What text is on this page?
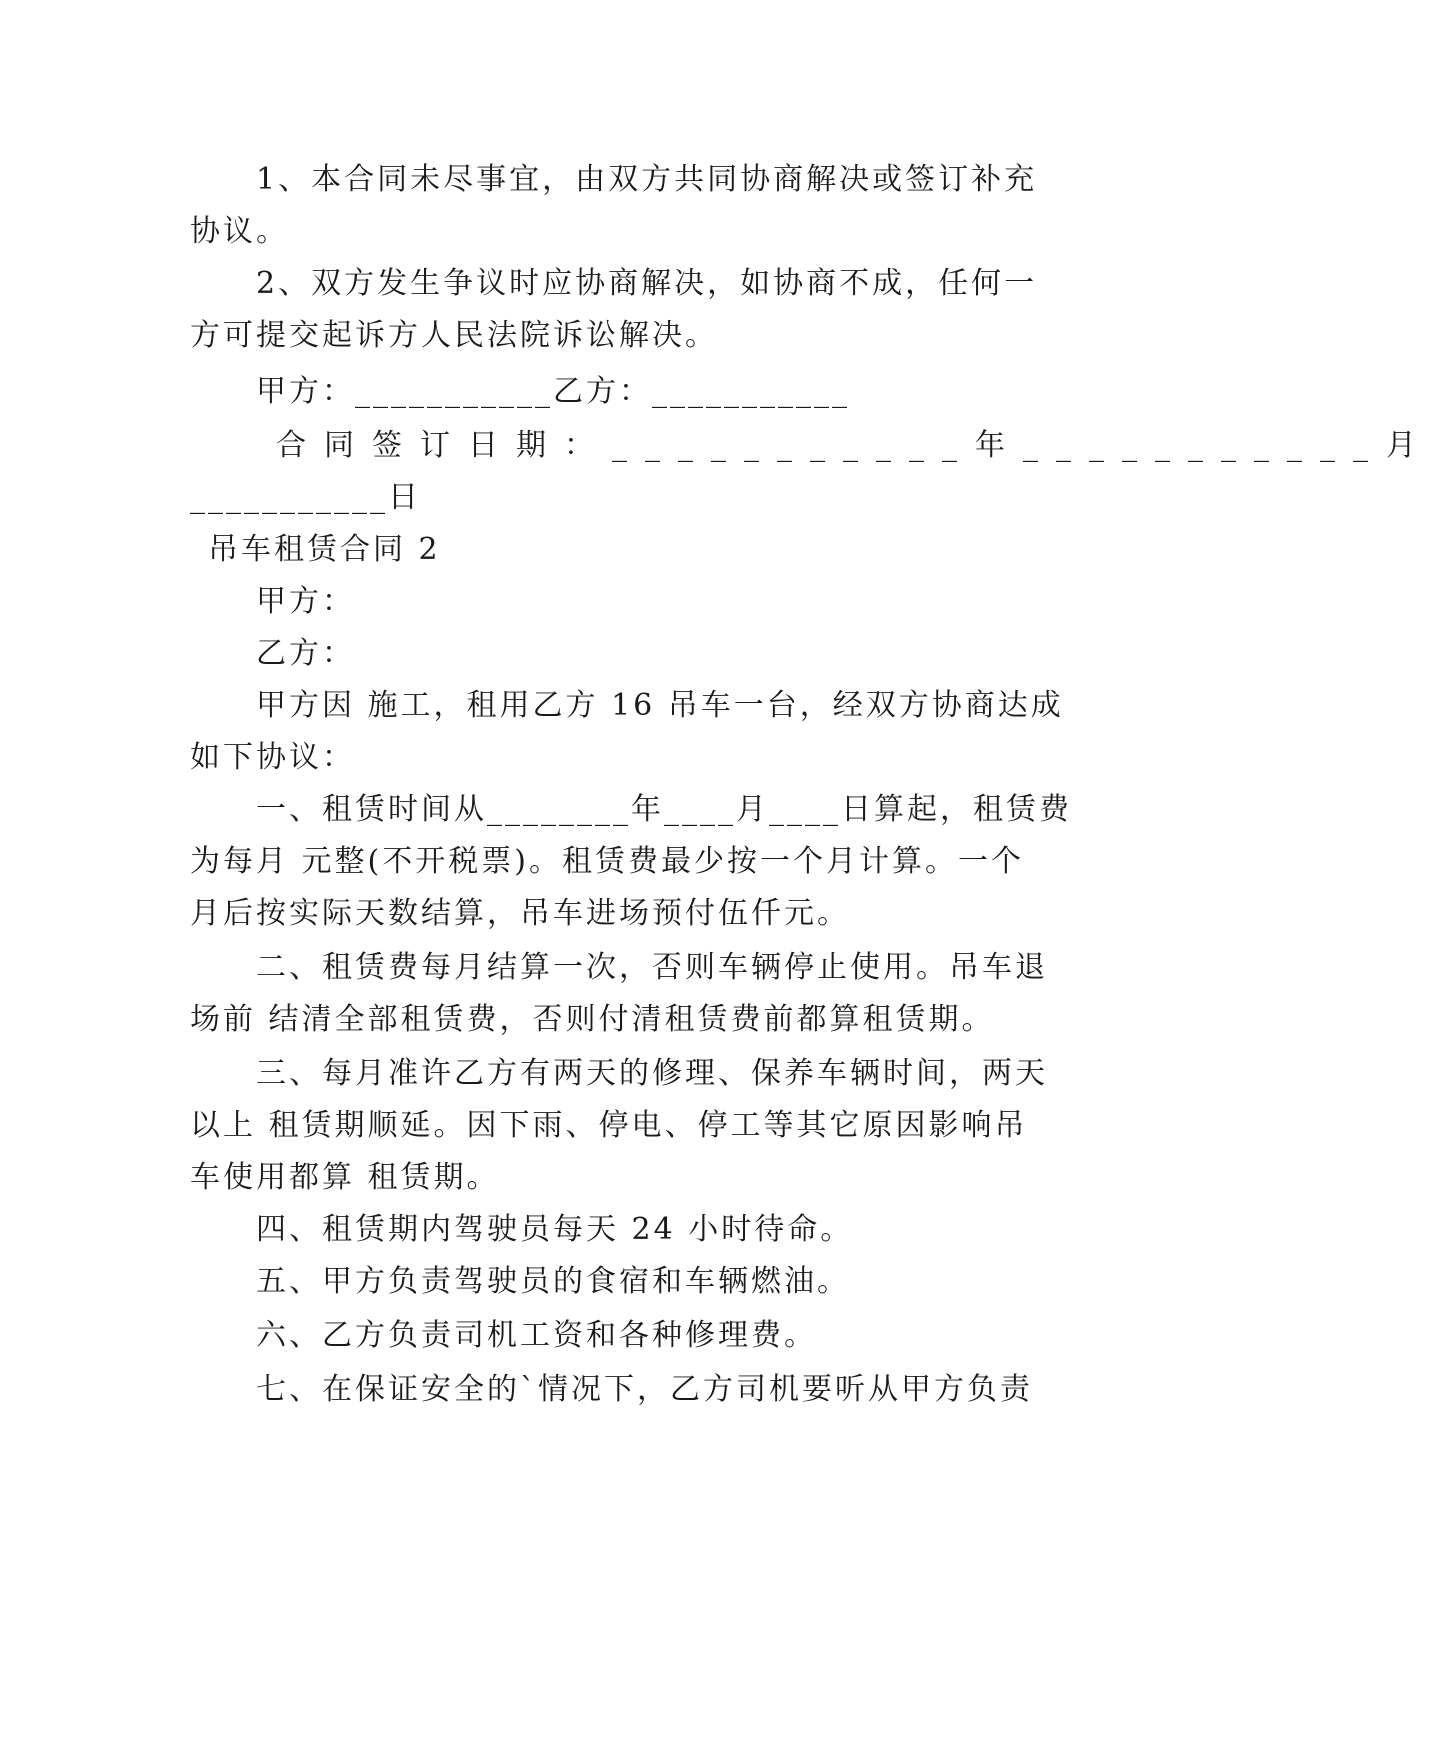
1、本合同未尽事宜，由双方共同协商解决或签订补充
协议。
2、双方发生争议时应协商解决，如协商不成，任何一
方可提交起诉方人民法院诉讼解决。
甲方：___________乙方：___________
合同签订日期：___________年___________月
___________日
吊车租赁合同 2
甲方：
乙方：
甲方因 施工，租用乙方 16 吊车一台，经双方协商达成
如下协议：
一、租赁时间从________年____月____日算起，租赁费
为每月 元整(不开税票)。租赁费最少按一个月计算。一个
月后按实际天数结算，吊车进场预付伍仟元。
二、租赁费每月结算一次，否则车辆停止使用。吊车退
场前 结清全部租赁费，否则付清租赁费前都算租赁期。
三、每月准许乙方有两天的修理、保养车辆时间，两天
以上 租赁期顺延。因下雨、停电、停工等其它原因影响吊
车使用都算 租赁期。
四、租赁期内驾驶员每天 24 小时待命。
五、甲方负责驾驶员的食宿和车辆燃油。
六、乙方负责司机工资和各种修理费。
七、在保证安全的`情况下，乙方司机要听从甲方负责
